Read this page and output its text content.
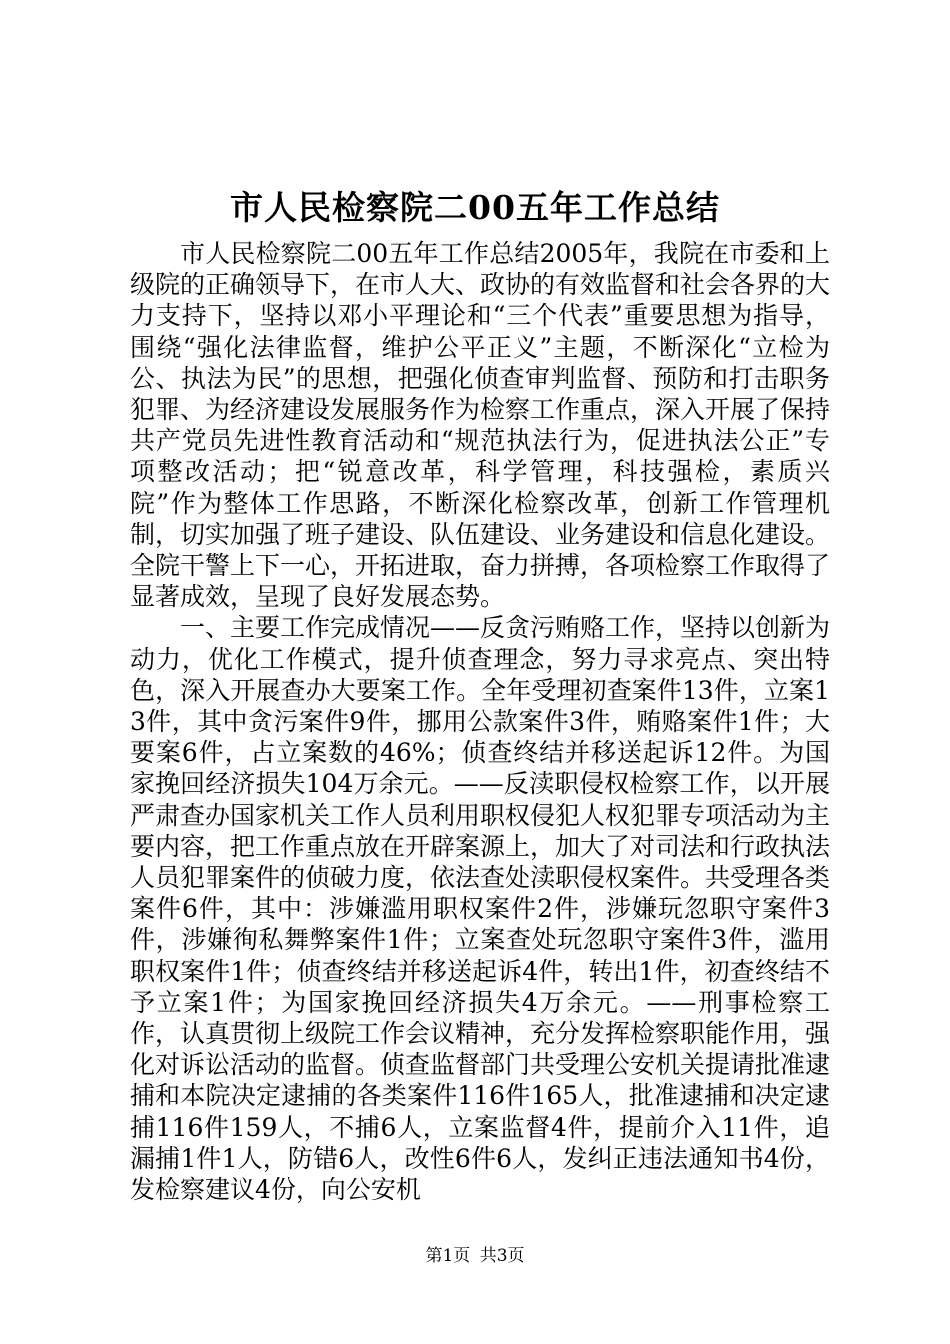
市人民检察院二00五年工作总结

市人民检察院二00五年工作总结2005年，我院在市委和上级院的正确领导下，在市人大、政协的有效监督和社会各界的大力支持下，坚持以邓小平理论和“三个代表”重要思想为指导，围绕“强化法律监督，维护公平正义”主题，不断深化“立检为公、执法为民”的思想，把强化侦查审判监督、预防和打击职务犯罪、为经济建设发展服务作为检察工作重点，深入开展了保持共产党员先进性教育活动和“规范执法行为，促进执法公正”专项整改活动；把“锐意改革，科学管理，科技强检，素质兴院”作为整体工作思路，不断深化检察改革，创新工作管理机制，切实加强了班子建设、队伍建设、业务建设和信息化建设。全院干警上下一心，开拓进取，奋力拼搏，各项检察工作取得了显著成效，呈现了良好发展态势。

一、主要工作完成情况——反贪污贿赂工作，坚持以创新为动力，优化工作模式，提升侦查理念，努力寻求亮点、突出特色，深入开展查办大要案工作。全年受理初查案件13件，立案13件，其中贪污案件9件，挪用公款案件3件，贿赂案件1件；大要案6件，占立案数的46%；侦查终结并移送起诉12件。为国家挽回经济损失104万余元。——反渎职侵权检察工作，以开展严肃查办国家机关工作人员利用职权侵犯人权犯罪专项活动为主要内容，把工作重点放在开辟案源上，加大了对司法和行政执法人员犯罪案件的侦破力度，依法查处渎职侵权案件。共受理各类案件6件，其中：涉嫌滥用职权案件2件，涉嫌玩忽职守案件3件，涉嫌徇私舞弊案件1件；立案查处玩忽职守案件3件，滥用职权案件1件；侦查终结并移送起诉4件，转出1件，初查终结不予立案1件；为国家挽回经济损失4万余元。——刑事检察工作，认真贯彻上级院工作会议精神，充分发挥检察职能作用，强化对诉讼活动的监督。侦查监督部门共受理公安机关提请批准逮捕和本院决定逮捕的各类案件116件165人，批准逮捕和决定逮捕116件159人，不捕6人，立案监督4件，提前介入11件，追漏捕1件1人，防错6人，改性6件6人，发纠正违法通知书4份，发检察建议4份，向公安机

第1页 共3页
